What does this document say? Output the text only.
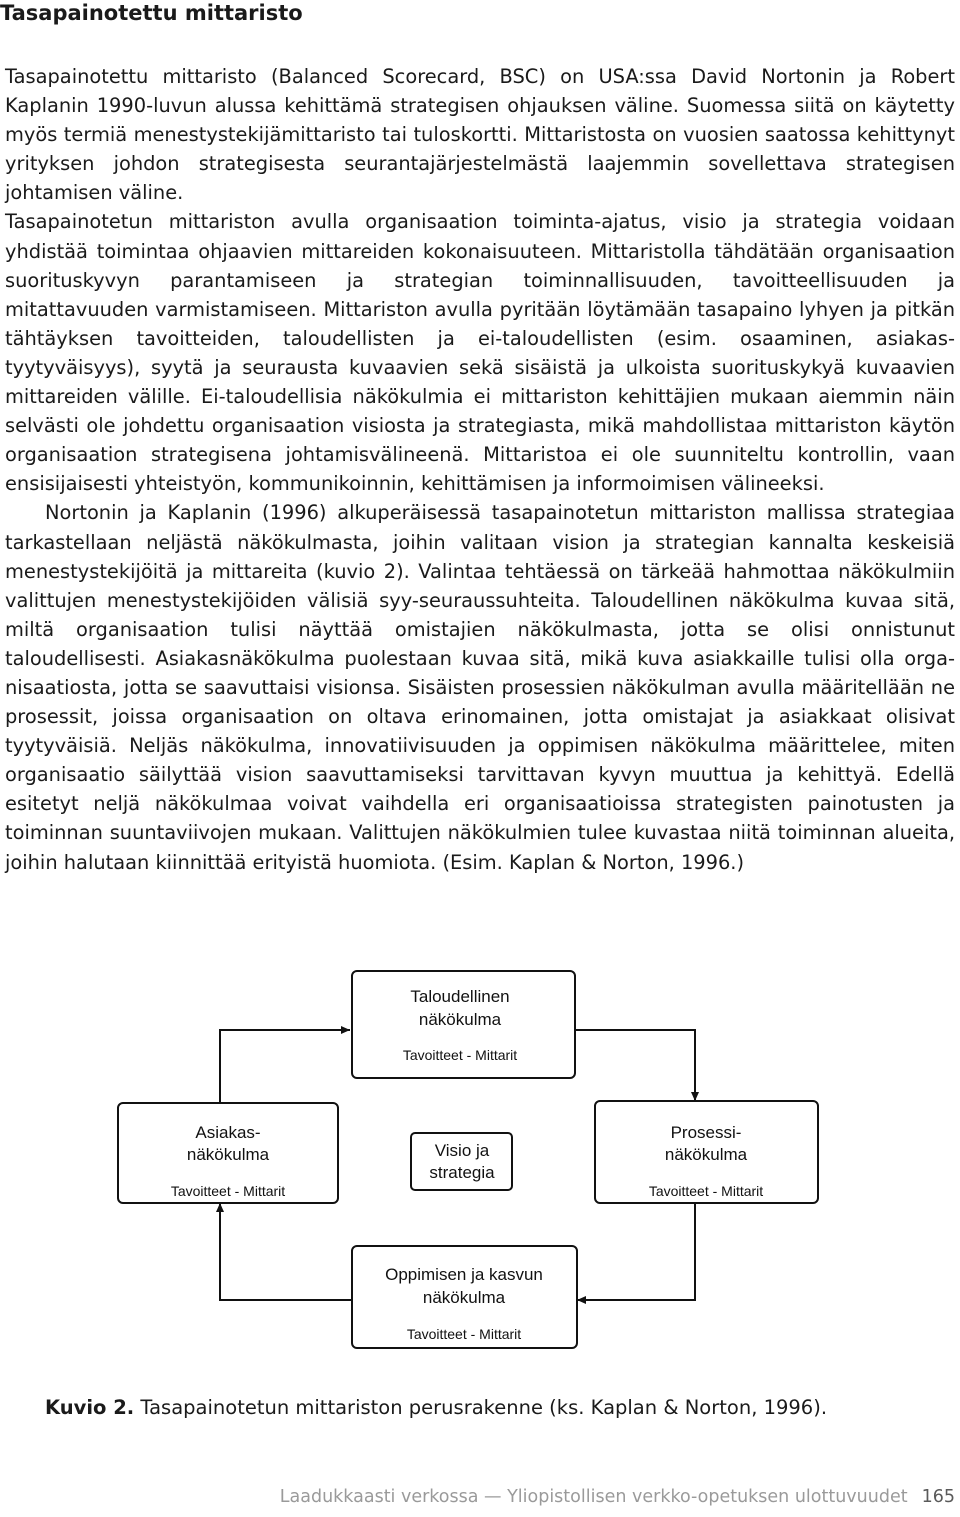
Tasapainotettu mittaristo

Tasapainotettu mittaristo (Balanced Scorecard, BSC) on USA:ssa David Nortonin ja Robert Kaplanin 1990-luvun alussa kehittämä strategisen ohjauksen väline. Suomessa siitä on käytetty myös termiä menestystekijämittaristo tai tuloskortti. Mittaristosta on vuosien saatossa kehittynyt yrityksen johdon strategisesta seurantajärjestelmästä laajemmin sovellettava strategisen johtamisen väline.

Tasapainotetun mittariston avulla organisaation toiminta-ajatus, visio ja strategia voidaan yhdistää toimintaa ohjaavien mittareiden kokonaisuuteen. Mittaristolla tähdätään organisaation suorituskyvyn parantamiseen ja strategian toiminnallisuuden, tavoitteellisuuden ja mitattavuuden varmistamiseen. Mittariston avulla pyritään löytämään tasapaino lyhyen ja pitkän tähtäyksen tavoitteiden, taloudellisten ja ei-taloudellisten (esim. osaaminen, asiakastyytyväisyys), syytä ja seurausta kuvaavien sekä sisäistä ja ulkoista suorituskykyä kuvaavien mittareiden välille. Ei-taloudellisia näkökulmia ei mittariston kehittäjien mukaan aiemmin näin selvästi ole johdettu organisaation visiosta ja strategiasta, mikä mahdollistaa mittariston käytön organisaation strategisena johtamisvälineenä. Mittaristoa ei ole suunniteltu kontrollin, vaan ensisijaisesti yhteistyön, kommunikoinnin, kehittämisen ja informoimisen välineeksi.

Nortonin ja Kaplanin (1996) alkuperäisessä tasapainotetun mittariston mallissa strategiaa tarkastellaan neljästä näkökulmasta, joihin valitaan vision ja strategian kannalta keskeisiä menestystekijöitä ja mittareita (kuvio 2). Valintaa tehtäessä on tärkeää hahmottaa näkökulmiin valittujen menestystekijöiden välisiä syy-seuraussuhteita. Taloudellinen näkökulma kuvaa sitä, miltä organisaation tulisi näyttää omistajien näkökulmasta, jotta se olisi onnistunut taloudellisesti. Asiakasnäkökulma puolestaan kuvaa sitä, mikä kuva asiakkaille tulisi olla organisaatiosta, jotta se saavuttaisi visionsa. Sisäisten prosessien näkökulman avulla määritellään ne prosessit, joissa organisaation on oltava erinomainen, jotta omistajat ja asiakkaat olisivat tyytyväisiä. Neljäs näkökulma, innovatiivisuuden ja oppimisen näkökulma määrittelee, miten organisaatio säilyttää vision saavuttamiseksi tarvittavan kyvyn muuttua ja kehittyä. Edellä esitetyt neljä näkökulmaa voivat vaihdella eri organisaatioissa strategisten painotusten ja toiminnan suuntaviivojen mukaan. Valittujen näkökulmien tulee kuvastaa niitä toiminnan alueita, joihin halutaan kiinnittää erityistä huomiota. (Esim. Kaplan & Norton, 1996.)

Taloudellinen
näkökulma
Tavoitteet - Mittarit
Asiakas-
näkökulma
Tavoitteet - Mittarit
Visio ja
strategia
Prosessi-
näkökulma
Tavoitteet - Mittarit
Oppimisen ja kasvun
näkökulma
Tavoitteet - Mittarit
Kuvio 2. Tasapainotetun mittariston perusrakenne (ks. Kaplan & Norton, 1996).
Laadukkaasti verkossa — Yliopistollisen verkko-opetuksen ulottuvuudet 165
